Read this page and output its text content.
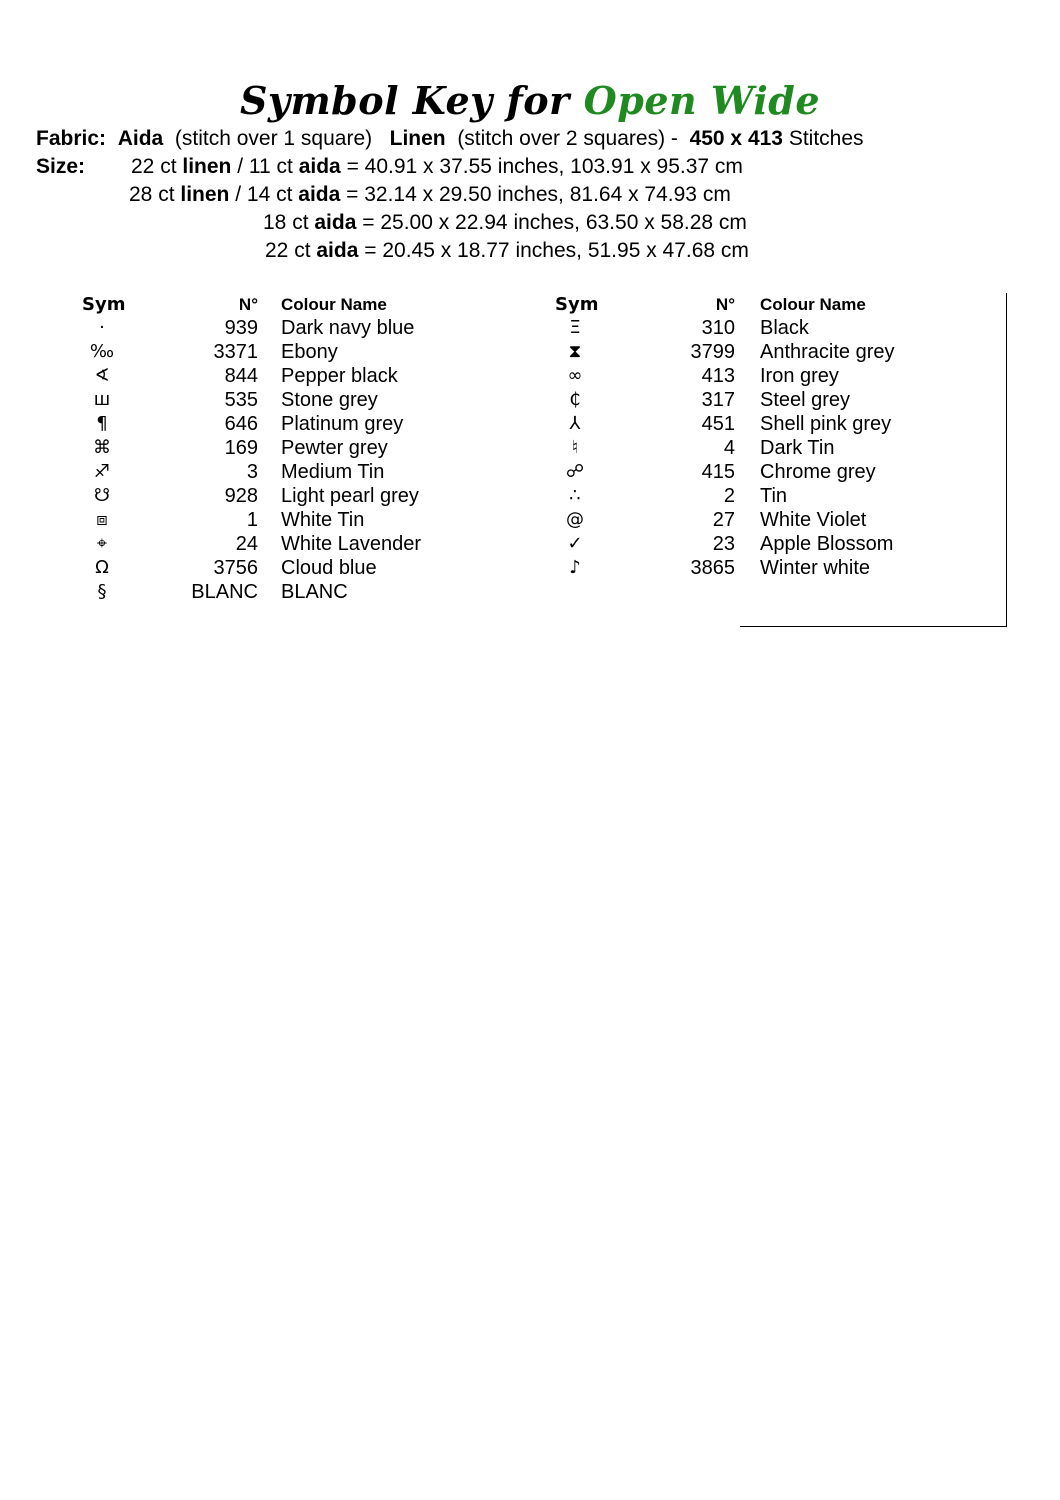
Symbol Key for Open Wide
Fabric: Aida (stitch over 1 square) Linen (stitch over 2 squares) - 450 x 413 Stitches
Size: 22 ct linen / 11 ct aida = 40.91 x 37.55 inches, 103.91 x 95.37 cm
28 ct linen / 14 ct aida = 32.14 x 29.50 inches, 81.64 x 74.93 cm
18 ct aida = 25.00 x 22.94 inches, 63.50 x 58.28 cm
22 ct aida = 20.45 x 18.77 inches, 51.95 x 47.68 cm
Sym	N° Colour Name
·	939 Dark navy blue
‰	3371 Ebony
∢	844 Pepper black
ш	535 Stone grey
¶	646 Platinum grey
⌘	169 Pewter grey
♐	3 Medium Tin
☋	928 Light pearl grey
⧈	1 White Tin
⌖	24 White Lavender
Ω	3756 Cloud blue
§	BLANC BLANC
Sym	N° Colour Name
Ξ	310 Black
⧗	3799 Anthracite grey
∞	413 Iron grey
₵	317 Steel grey
⅄	451 Shell pink grey
♮	4 Dark Tin
☍	415 Chrome grey
∴	2 Tin
@	27 White Violet
✓	23 Apple Blossom
♪	3865 Winter white
